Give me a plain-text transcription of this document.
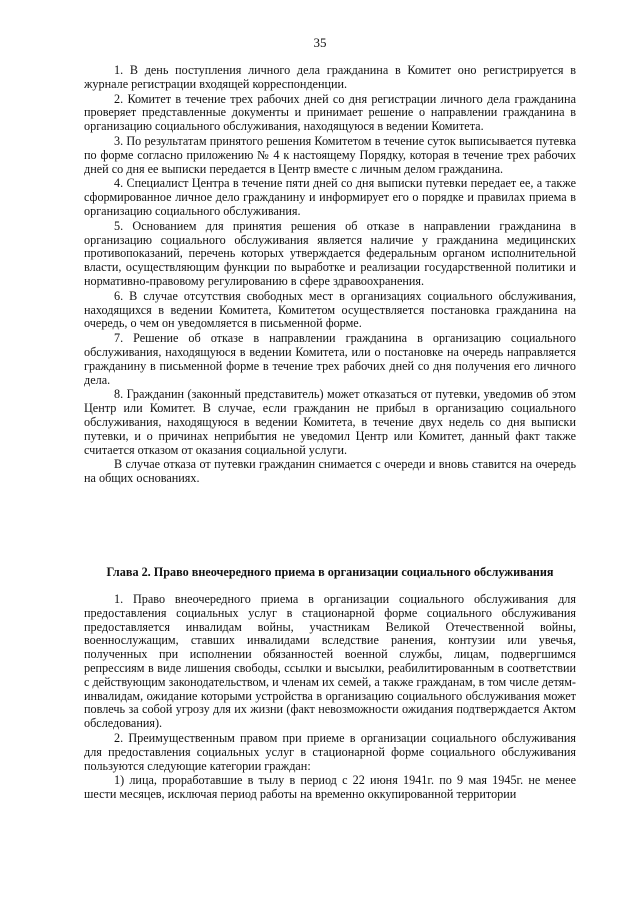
35

1. В день поступления личного дела гражданина в Комитет оно регистрируется в журнале регистрации входящей корреспонденции.

2. Комитет в течение трех рабочих дней со дня регистрации личного дела гражданина проверяет представленные документы и принимает решение о направлении гражданина в организацию социального обслуживания, находящуюся в ведении Комитета.

3. По результатам принятого решения Комитетом в течение суток выписывается путевка по форме согласно приложению № 4 к настоящему Порядку, которая в течение трех рабочих дней со дня ее выписки передается в Центр вместе с личным делом гражданина.

4. Специалист Центра в течение пяти дней со дня выписки путевки передает ее, а также сформированное личное дело гражданину и информирует его о порядке и правилах приема в организацию социального обслуживания.

5. Основанием для принятия решения об отказе в направлении гражданина в организацию социального обслуживания является наличие у гражданина медицинских противопоказаний, перечень которых утверждается федеральным органом исполнительной власти, осуществляющим функции по выработке и реализации государственной политики и нормативно-правовому регулированию в сфере здравоохранения.

6. В случае отсутствия свободных мест в организациях социального обслуживания, находящихся в ведении Комитета, Комитетом осуществляется постановка гражданина на очередь, о чем он уведомляется в письменной форме.

7. Решение об отказе в направлении гражданина в организацию социального обслуживания, находящуюся в ведении Комитета, или о постановке на очередь направляется гражданину в письменной форме в течение трех рабочих дней со дня получения его личного дела.

8. Гражданин (законный представитель) может отказаться от путевки, уведомив об этом Центр или Комитет. В случае, если гражданин не прибыл в организацию социального обслуживания, находящуюся в ведении Комитета, в течение двух недель со дня выписки путевки, и о причинах неприбытия не уведомил Центр или Комитет, данный факт также считается отказом от оказания социальной услуги.

В случае отказа от путевки гражданин снимается с очереди и вновь ставится на очередь на общих основаниях.

Глава 2. Право внеочередного приема в организации социального обслуживания

1. Право внеочередного приема в организации социального обслуживания для предоставления социальных услуг в стационарной форме социального обслуживания предоставляется инвалидам войны, участникам Великой Отечественной войны, военнослужащим, ставших инвалидами вследствие ранения, контузии или увечья, полученных при исполнении обязанностей военной службы, лицам, подвергшимся репрессиям в виде лишения свободы, ссылки и высылки, реабилитированным в соответствии с действующим законодательством, и членам их семей, а также гражданам, в том числе детям-инвалидам, ожидание которыми устройства в организацию социального обслуживания может повлечь за собой угрозу для их жизни (факт невозможности ожидания подтверждается Актом обследования).

2. Преимущественным правом при приеме в организации социального обслуживания для предоставления социальных услуг в стационарной форме социального обслуживания пользуются следующие категории граждан:

1) лица, проработавшие в тылу в период с 22 июня 1941г. по 9 мая 1945г. не менее шести месяцев, исключая период работы на временно оккупированной территории
